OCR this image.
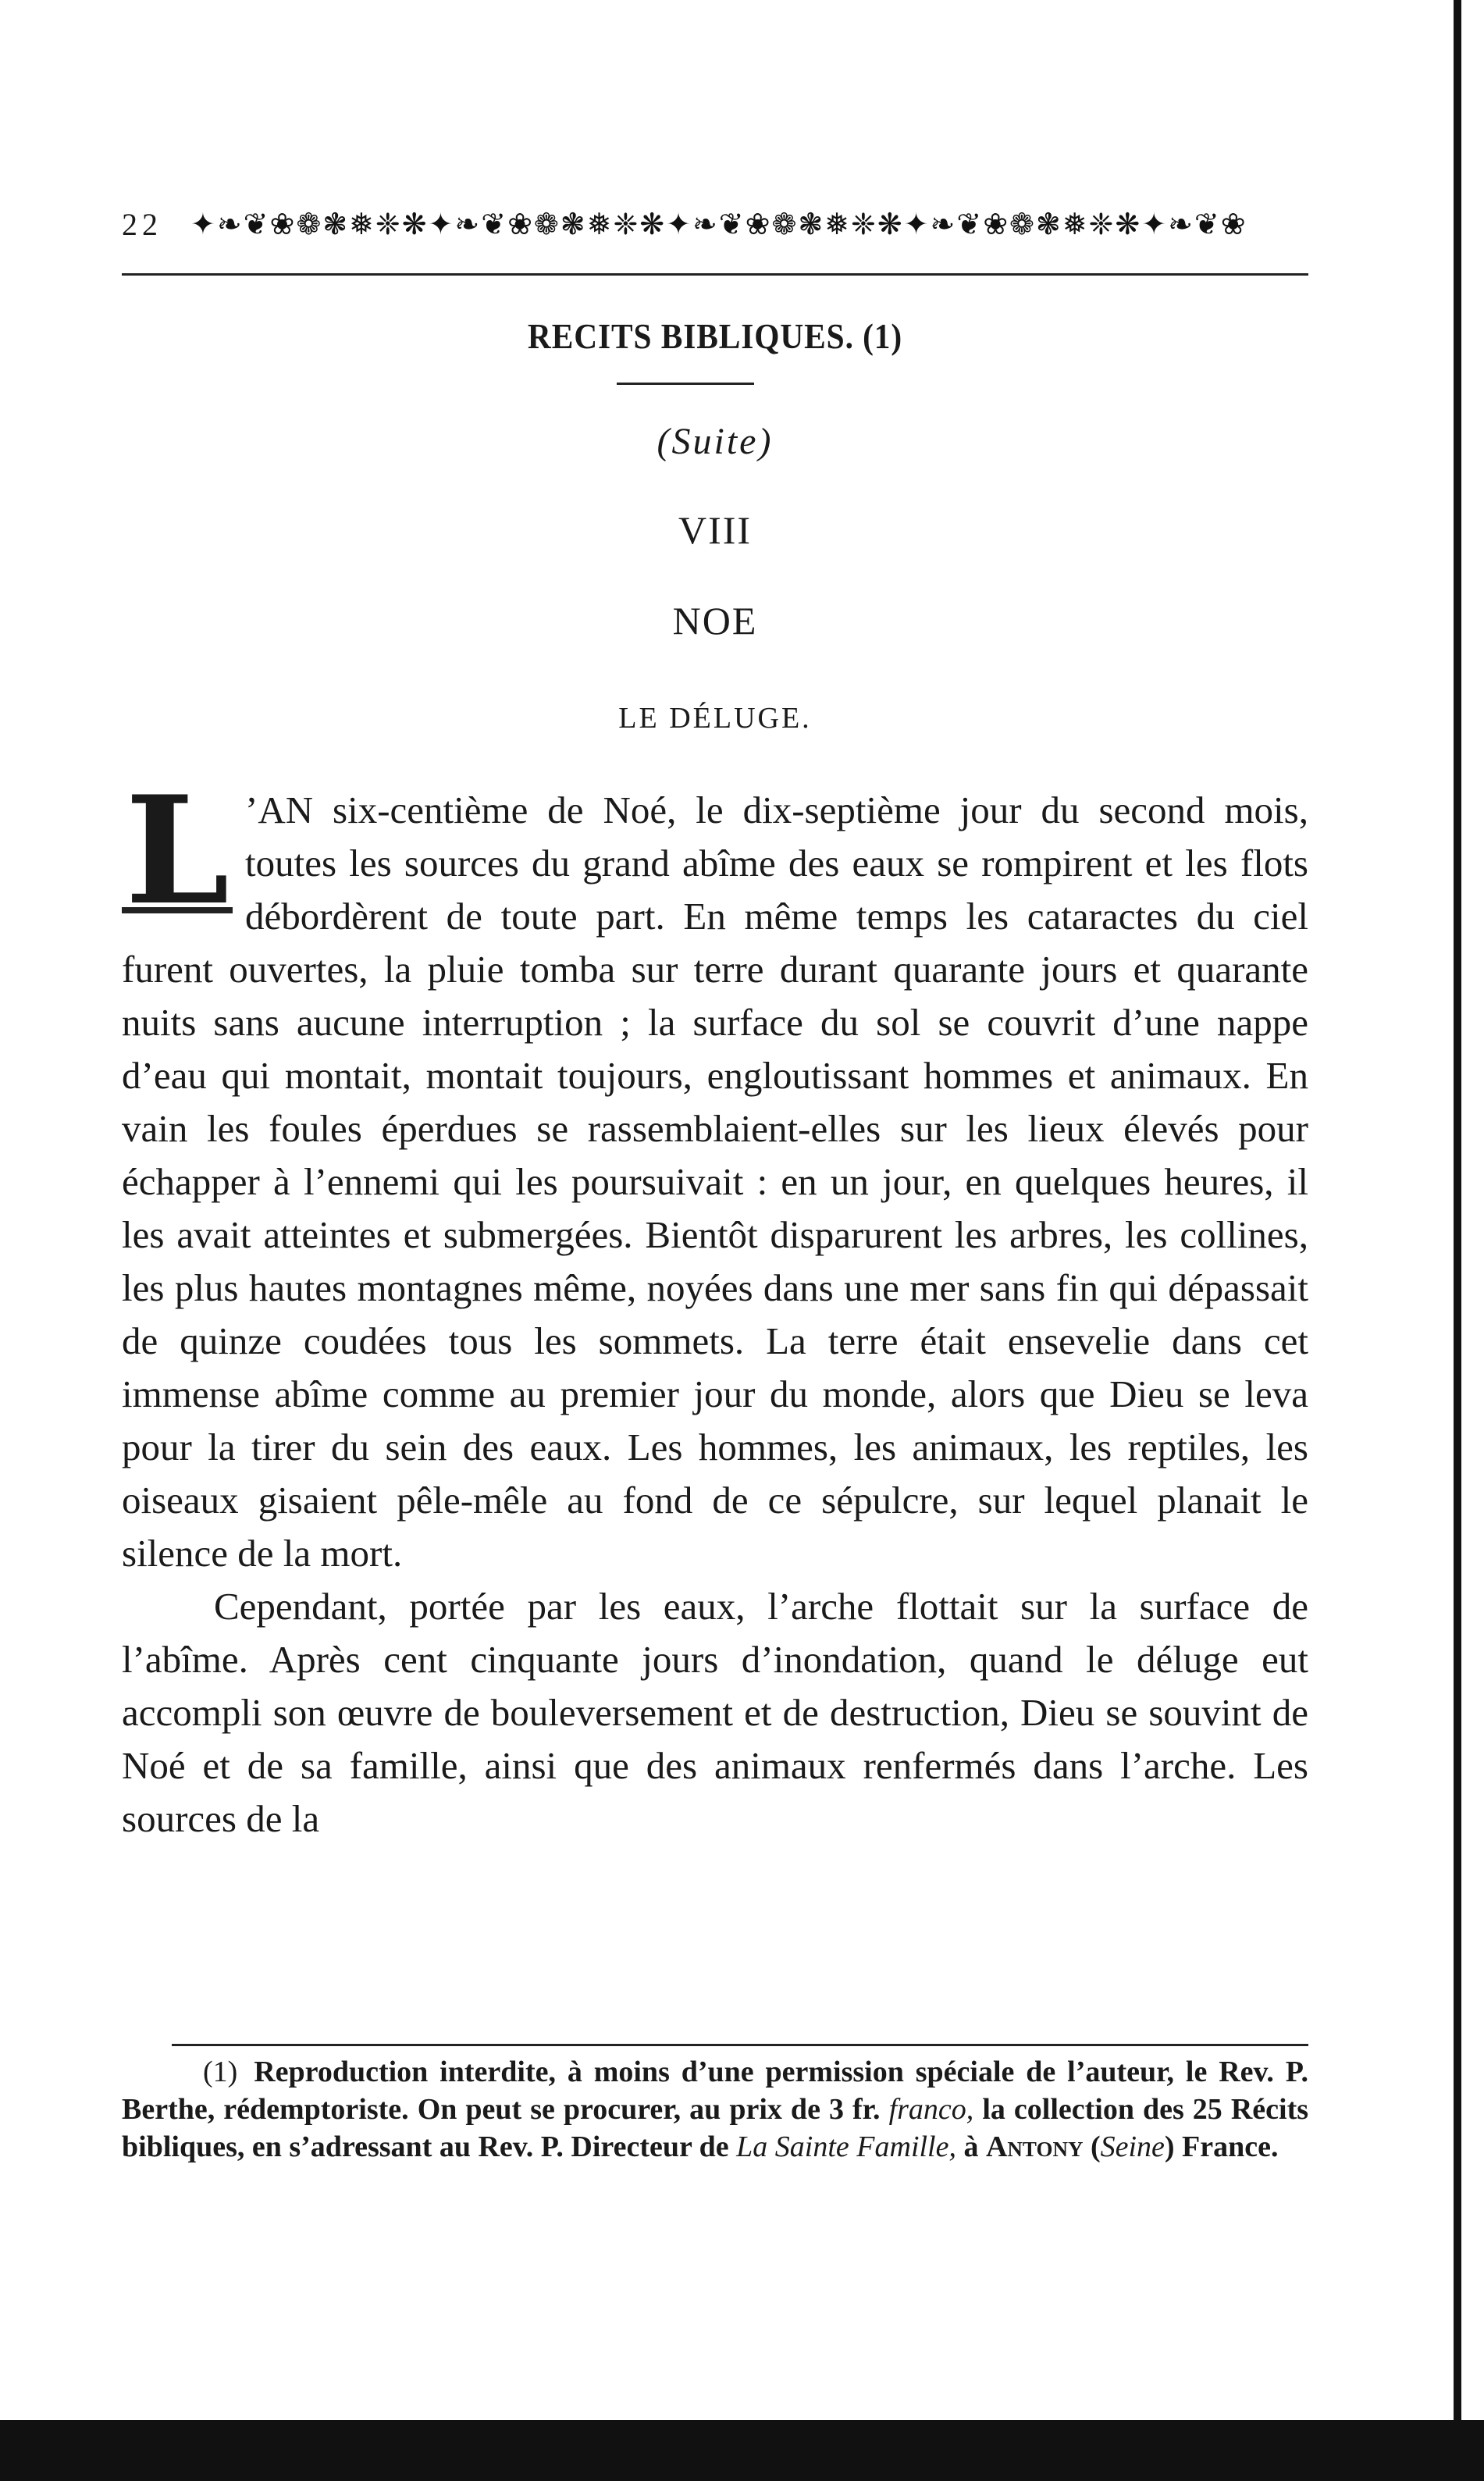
22 ✦❧❦❀❁❃❅❈❋✦❧❦❀❁❃❅❈❋✦❧❦❀❁❃❅❈❋✦❧❦❀❁❃❅❈❋✦❧❦❀
RECITS BIBLIQUES. (1)
(Suite)
VIII
NOE
LE DÉLUGE.

L ’AN six-centième de Noé, le dix-septième jour du second mois, toutes les sources du grand abîme des eaux se rompirent et les flots débordèrent de toute part. En même temps les cataractes du ciel furent ouvertes, la pluie tomba sur terre durant quarante jours et quarante nuits sans aucune interruption ; la surface du sol se couvrit d’une nappe d’eau qui montait, montait toujours, engloutissant hommes et animaux. En vain les foules éperdues se rassemblaient-elles sur les lieux élevés pour échapper à l’ennemi qui les poursuivait : en un jour, en quelques heures, il les avait atteintes et submergées. Bientôt disparurent les arbres, les collines, les plus hautes montagnes même, noyées dans une mer sans fin qui dépassait de quinze coudées tous les sommets. La terre était ensevelie dans cet immense abîme comme au premier jour du monde, alors que Dieu se leva pour la tirer du sein des eaux. Les hommes, les animaux, les reptiles, les oiseaux gisaient pêle-mêle au fond de ce sépulcre, sur lequel planait le silence de la mort.

Cependant, portée par les eaux, l’arche flottait sur la surface de l’abîme. Après cent cinquante jours d’inondation, quand le déluge eut accompli son œuvre de bouleversement et de destruction, Dieu se souvint de Noé et de sa famille, ainsi que des animaux renfermés dans l’arche. Les sources de la

(1) Reproduction interdite, à moins d’une permission spéciale de l’auteur, le Rev. P. Berthe, rédemptoriste. On peut se procurer, au prix de 3 fr. franco, la collection des 25 Récits bibliques, en s’adressant au Rev. P. Directeur de La Sainte Famille, à Antony (Seine) France.
